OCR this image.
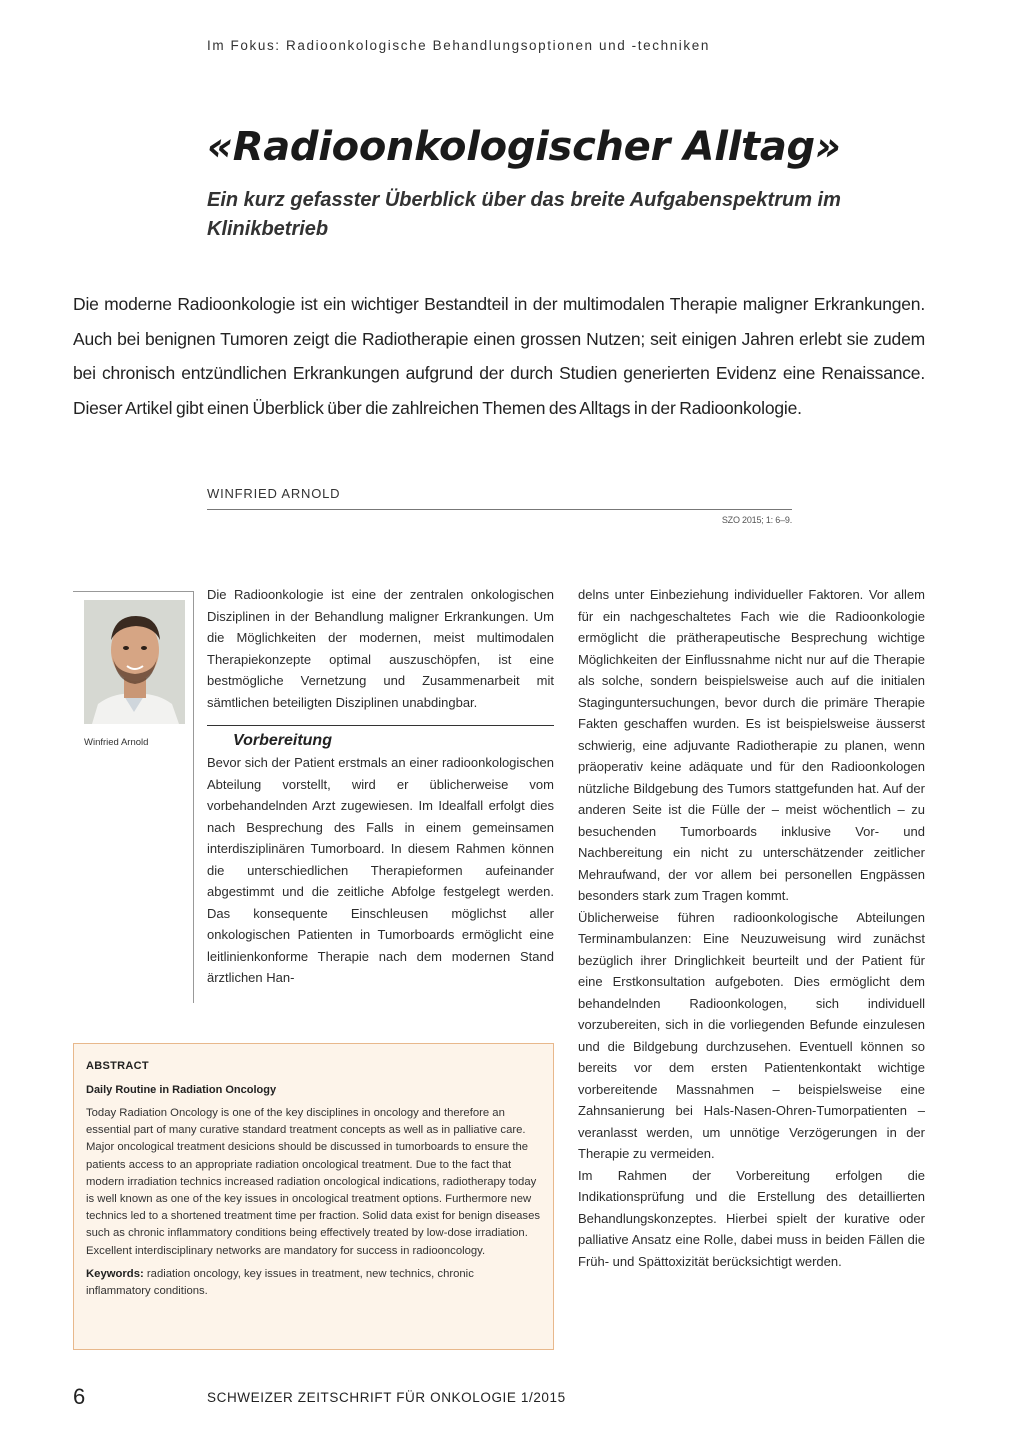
Im Fokus: Radioonkologische Behandlungsoptionen und -techniken
«Radioonkologischer Alltag»
Ein kurz gefasster Überblick über das breite Aufgabenspektrum im Klinikbetrieb

Die moderne Radioonkologie ist ein wichtiger Bestandteil in der multimodalen Therapie maligner Erkrankungen. Auch bei benignen Tumoren zeigt die Radiotherapie einen grossen Nutzen; seit einigen Jahren erlebt sie zudem bei chronisch entzündlichen Erkrankungen aufgrund der durch Studien generierten Evidenz eine Renaissance. Dieser Artikel gibt einen Überblick über die zahlreichen Themen des Alltags in der Radioonkologie.

WINFRIED ARNOLD
SZO 2015; 1: 6–9.
Winfried Arnold

Die Radioonkologie ist eine der zentralen onkologischen Disziplinen in der Behandlung maligner Erkrankungen. Um die Möglichkeiten der modernen, meist multimodalen Therapiekonzepte optimal auszuschöpfen, ist eine bestmögliche Vernetzung und Zusammenarbeit mit sämtlichen beteiligten Disziplinen unabdingbar.

Vorbereitung

Bevor sich der Patient erstmals an einer radioonkologischen Abteilung vorstellt, wird er üblicherweise vom vorbehandelnden Arzt zugewiesen. Im Idealfall erfolgt dies nach Besprechung des Falls in einem gemeinsamen interdisziplinären Tumorboard. In diesem Rahmen können die unterschiedlichen Therapieformen aufeinander abgestimmt und die zeitliche Abfolge festgelegt werden. Das konsequente Einschleusen möglichst aller onkologischen Patienten in Tumorboards ermöglicht eine leitlinienkonforme Therapie nach dem modernen Stand ärztlichen Han-

delns unter Einbeziehung individueller Faktoren. Vor allem für ein nachgeschaltetes Fach wie die Radioonkologie ermöglicht die prätherapeutische Besprechung wichtige Möglichkeiten der Einflussnahme nicht nur auf die Therapie als solche, sondern beispielsweise auch auf die initialen Staginguntersuchungen, bevor durch die primäre Therapie Fakten geschaffen wurden. Es ist beispielsweise äusserst schwierig, eine adjuvante Radiotherapie zu planen, wenn präoperativ keine adäquate und für den Radioonkologen nützliche Bildgebung des Tumors stattgefunden hat. Auf der anderen Seite ist die Fülle der – meist wöchentlich – zu besuchenden Tumorboards inklusive Vor- und Nachbereitung ein nicht zu unterschätzender zeitlicher Mehraufwand, der vor allem bei personellen Engpässen besonders stark zum Tragen kommt.

Üblicherweise führen radioonkologische Abteilungen Terminambulanzen: Eine Neuzuweisung wird zunächst bezüglich ihrer Dringlichkeit beurteilt und der Patient für eine Erstkonsultation aufgeboten. Dies ermöglicht dem behandelnden Radioonkologen, sich individuell vorzubereiten, sich in die vorliegenden Befunde einzulesen und die Bildgebung durchzusehen. Eventuell können so bereits vor dem ersten Patientenkontakt wichtige vorbereitende Massnahmen – beispielsweise eine Zahnsanierung bei Hals-Nasen-Ohren-Tumorpatienten – veranlasst werden, um unnötige Verzögerungen in der Therapie zu vermeiden.

Im Rahmen der Vorbereitung erfolgen die Indikationsprüfung und die Erstellung des detaillierten Behandlungskonzeptes. Hierbei spielt der kurative oder palliative Ansatz eine Rolle, dabei muss in beiden Fällen die Früh- und Spättoxizität berücksichtigt werden.

ABSTRACT
Daily Routine in Radiation Oncology

Today Radiation Oncology is one of the key disciplines in oncology and therefore an essential part of many curative standard treatment concepts as well as in palliative care. Major oncological treatment desicions should be discussed in tumorboards to ensure the patients access to an appropriate radiation oncological treatment. Due to the fact that modern irradiation technics increased radiation oncological indications, radiotherapy today is well known as one of the key issues in oncological treatment options. Furthermore new technics led to a shortened treatment time per fraction. Solid data exist for benign diseases such as chronic inflammatory conditions being effectively treated by low-dose irradiation. Excellent interdisciplinary networks are mandatory for success in radiooncology.

Keywords: radiation oncology, key issues in treatment, new technics, chronic inflammatory conditions.

6	SCHWEIZER ZEITSCHRIFT FÜR ONKOLOGIE 1/2015
